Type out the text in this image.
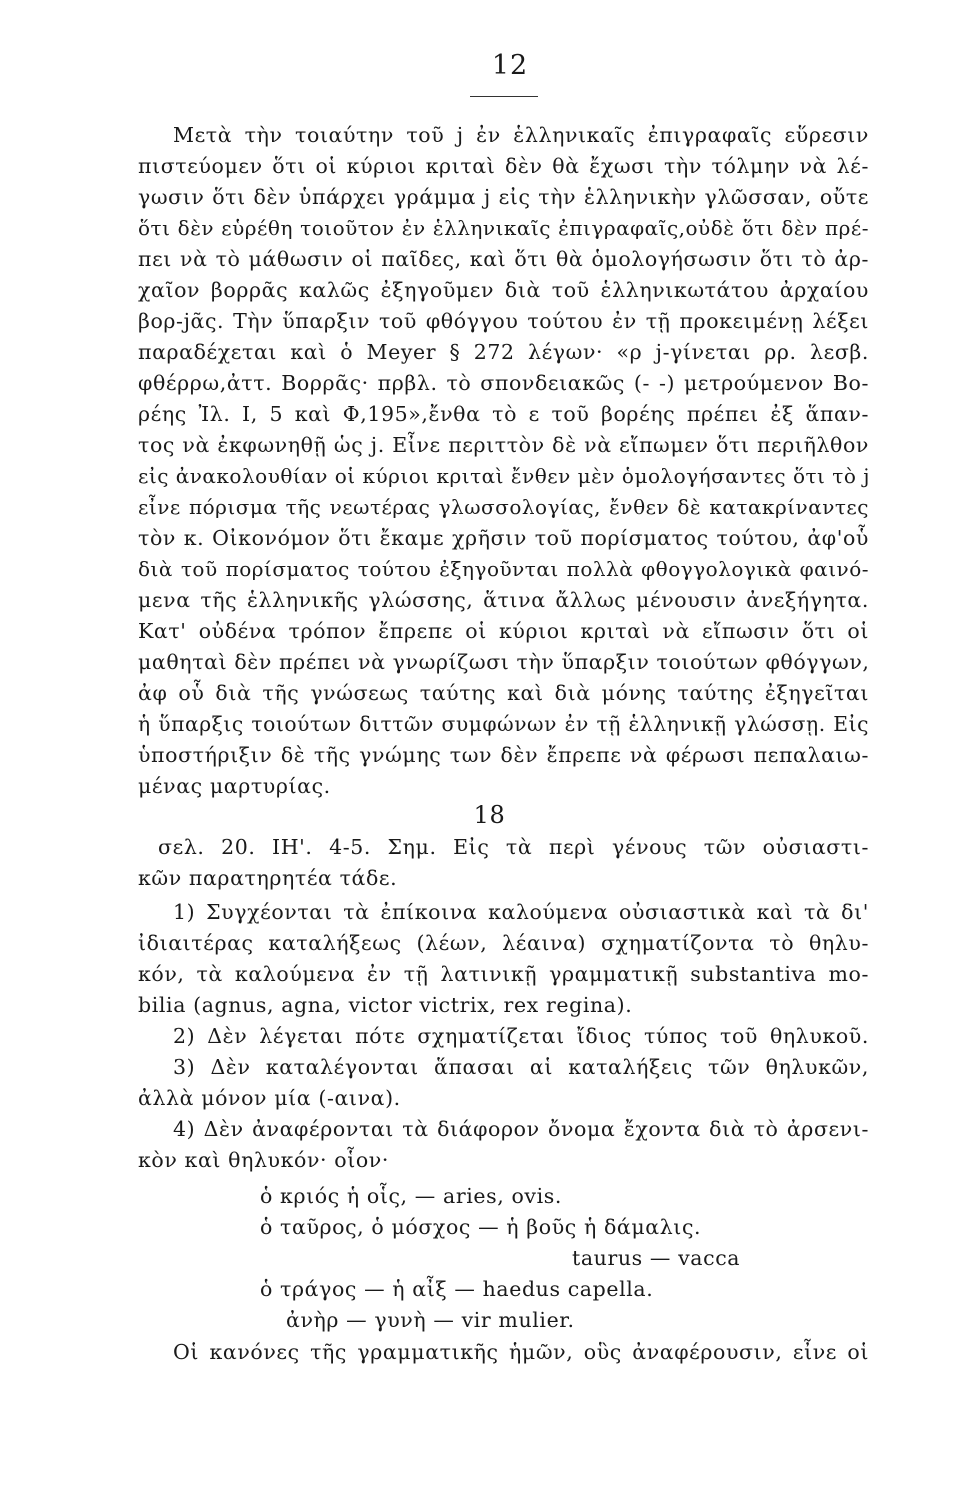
12
Μετὰ τὴν τοιαύτην τοῦ j ἐν ἑλληνικαῖς ἐπιγραφαῖς εὕρεσιν
πιστεύομεν ὅτι οἱ κύριοι κριταὶ δὲν θὰ ἔχωσι τὴν τόλμην νὰ λέ-
γωσιν ὅτι δὲν ὑπάρχει γράμμα j εἰς τὴν ἑλληνικὴν γλῶσσαν, οὔτε
ὅτι δὲν εὑρέθη τοιοῦτον ἐν ἑλληνικαῖς ἐπιγραφαῖς,οὐδὲ ὅτι δὲν πρέ-
πει νὰ τὸ μάθωσιν οἱ παῖδες, καὶ ὅτι θὰ ὁμολογήσωσιν ὅτι τὸ ἀρ-
χαῖον βορρᾶς καλῶς ἐξηγοῦμεν διὰ τοῦ ἑλληνικωτάτου ἀρχαίου
βορ-jᾶς. Τὴν ὕπαρξιν τοῦ φθόγγου τούτου ἐν τῇ προκειμένῃ λέξει
παραδέχεται καὶ ὁ Meyer § 272 λέγων· «ρ j-γίνεται ρρ. λεσβ.
φθέρρω,ἀττ. Βορρᾶς· πρβλ. τὸ σπονδειακῶς (‐ ‐) μετρούμενον Βο-
ρέης Ἰλ. Ι, 5 καὶ Φ,195»,ἔνθα τὸ ε τοῦ βορέης πρέπει ἐξ ἅπαν-
τος νὰ ἐκφωνηθῇ ὡς j. Εἶνε περιττὸν δὲ νὰ εἴπωμεν ὅτι περιῆλθον
εἰς ἀνακολουθίαν οἱ κύριοι κριταὶ ἔνθεν μὲν ὁμολογήσαντες ὅτι τὸ j
εἶνε πόρισμα τῆς νεωτέρας γλωσσολογίας, ἔνθεν δὲ κατακρίναντες
τὸν κ. Οἰκονόμον ὅτι ἔκαμε χρῆσιν τοῦ πορίσματος τούτου, ἀφ'οὗ
διὰ τοῦ πορίσματος τούτου ἐξηγοῦνται πολλὰ φθογγολογικὰ φαινό-
μενα τῆς ἑλληνικῆς γλώσσης, ἅτινα ἄλλως μένουσιν ἀνεξήγητα.
Κατ' οὐδένα τρόπον ἔπρεπε οἱ κύριοι κριταὶ νὰ εἴπωσιν ὅτι οἱ
μαθηταὶ δὲν πρέπει νὰ γνωρίζωσι τὴν ὕπαρξιν τοιούτων φθόγγων,
ἀφ οὗ διὰ τῆς γνώσεως ταύτης καὶ διὰ μόνης ταύτης ἐξηγεῖται
ἡ ὕπαρξις τοιούτων διττῶν συμφώνων ἐν τῇ ἑλληνικῇ γλώσσῃ. Εἰς
ὑποστήριξιν δὲ τῆς γνώμης των δὲν ἔπρεπε νὰ φέρωσι πεπαλαιω-
μένας μαρτυρίας.
18
σελ. 20. ΙΗ'. 4-5. Σημ. Εἰς τὰ περὶ γένους τῶν οὐσιαστι-
κῶν παρατηρητέα τάδε.
1) Συγχέονται τὰ ἐπίκοινα καλούμενα οὐσιαστικὰ καὶ τὰ δι'
ἰδιαιτέρας καταλήξεως (λέων, λέαινα) σχηματίζοντα τὸ θηλυ-
κόν, τὰ καλούμενα ἐν τῇ λατινικῇ γραμματικῇ substantiva mo-
bilia (agnus, agna, victor victrix, rex regina).
2) Δὲν λέγεται πότε σχηματίζεται ἴδιος τύπος τοῦ θηλυκοῦ.
3) Δὲν καταλέγονται ἅπασαι αἱ καταλήξεις τῶν θηλυκῶν,
ἀλλὰ μόνον μία (-αινα).
4) Δὲν ἀναφέρονται τὰ διάφορον ὄνομα ἔχοντα διὰ τὸ ἀρσενι-
κὸν καὶ θηλυκόν· οἷον·
ὁ κριός ἡ οἷς, — aries, ovis.
ὁ ταῦρος, ὁ μόσχος — ἡ βοῦς ἡ δάμαλις.
taurus — vacca
ὁ τράγος — ἡ αἶξ — haedus capella.
ἀνὴρ — γυνὴ — vir mulier.
Οἱ κανόνες τῆς γραμματικῆς ἡμῶν, οὓς ἀναφέρουσιν, εἶνε οἱ
